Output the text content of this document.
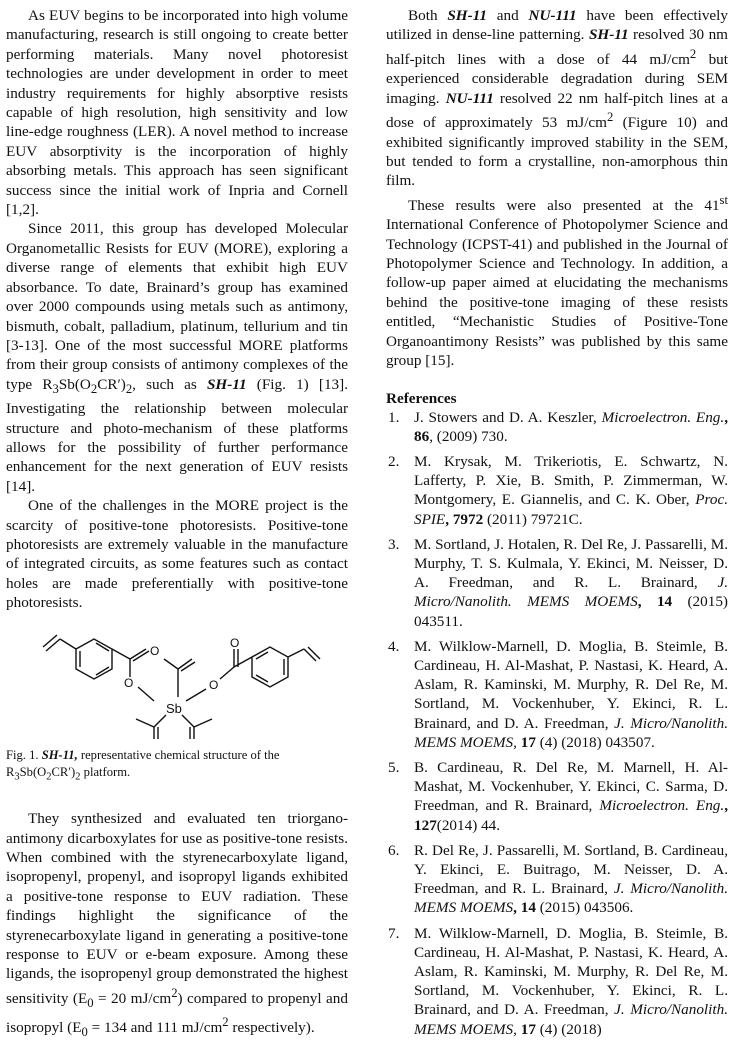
As EUV begins to be incorporated into high volume manufacturing, research is still ongoing to create better performing materials. Many novel photoresist technologies are under development in order to meet industry requirements for highly absorptive resists capable of high resolution, high sensitivity and low line-edge roughness (LER). A novel method to increase EUV absorptivity is the incorporation of highly absorbing metals. This approach has seen significant success since the initial work of Inpria and Cornell [1,2].

Since 2011, this group has developed Molecular Organometallic Resists for EUV (MORE), exploring a diverse range of elements that exhibit high EUV absorbance. To date, Brainard’s group has examined over 2000 compounds using metals such as antimony, bismuth, cobalt, palladium, platinum, tellurium and tin [3-13]. One of the most successful MORE platforms from their group consists of antimony complexes of the type $R_3Sb(O_2CR')_2$, such as SH-11 (Fig. 1) [13]. Investigating the relationship between molecular structure and photo-mechanism of these platforms allows for the possibility of further performance enhancement for the next generation of EUV resists [14].

One of the challenges in the MORE project is the scarcity of positive-tone photoresists. Positive-tone photoresists are extremely valuable in the manufacture of integrated circuits, as some features such as contact holes are made preferentially with positive-tone photoresists.

O
O
O
O
Sb

Fig. 1. SH-11, representative chemical structure of the $R_3Sb(O_2CR')_2$ platform.

They synthesized and evaluated ten triorgano-antimony dicarboxylates for use as positive-tone resists. When combined with the styrenecarboxylate ligand, isopropenyl, propenyl, and isopropyl ligands exhibited a positive-tone response to EUV radiation. These findings highlight the significance of the styrenecarboxylate ligand in generating a positive-tone response to EUV or e-beam exposure. Among these ligands, the isopropenyl group demonstrated the highest sensitivity ($E_0 = 20$ $mJ/cm^2$) compared to propenyl and isopropyl ($E_0 = 134$ and 111 $mJ/cm^2$ respectively).

Both SH-11 and NU-111 have been effectively utilized in dense-line patterning. SH-11 resolved 30 nm half-pitch lines with a dose of 44 $mJ/cm^2$ but experienced considerable degradation during SEM imaging. NU-111 resolved 22 nm half-pitch lines at a dose of approximately 53 $mJ/cm^2$ (Figure 10) and exhibited significantly improved stability in the SEM, but tended to form a crystalline, non-amorphous thin film.

These results were also presented at the 41st International Conference of Photopolymer Science and Technology (ICPST-41) and published in the Journal of Photopolymer Science and Technology. In addition, a follow-up paper aimed at elucidating the mechanisms behind the positive-tone imaging of these resists entitled, “Mechanistic Studies of Positive-Tone Organoantimony Resists” was published by this same group [15].

References
1. J. Stowers and D. A. Keszler, Microelectron. Eng., 86, (2009) 730.
2. M. Krysak, M. Trikeriotis, E. Schwartz, N. Lafferty, P. Xie, B. Smith, P. Zimmerman, W. Montgomery, E. Giannelis, and C. K. Ober, Proc. SPIE, 7972 (2011) 79721C.
3. M. Sortland, J. Hotalen, R. Del Re, J. Passarelli, M. Murphy, T. S. Kulmala, Y. Ekinci, M. Neisser, D. A. Freedman, and R. L. Brainard, J. Micro/Nanolith. MEMS MOEMS, 14 (2015) 043511.
4. M. Wilklow-Marnell, D. Moglia, B. Steimle, B. Cardineau, H. Al-Mashat, P. Nastasi, K. Heard, A. Aslam, R. Kaminski, M. Murphy, R. Del Re, M. Sortland, M. Vockenhuber, Y. Ekinci, R. L. Brainard, and D. A. Freedman, J. Micro/Nanolith. MEMS MOEMS, 17 (4) (2018) 043507.
5. B. Cardineau, R. Del Re, M. Marnell, H. Al-Mashat, M. Vockenhuber, Y. Ekinci, C. Sarma, D. Freedman, and R. Brainard, Microelectron. Eng., 127(2014) 44.
6. R. Del Re, J. Passarelli, M. Sortland, B. Cardineau, Y. Ekinci, E. Buitrago, M. Neisser, D. A. Freedman, and R. L. Brainard, J. Micro/Nanolith. MEMS MOEMS, 14 (2015) 043506.
7. M. Wilklow-Marnell, D. Moglia, B. Steimle, B. Cardineau, H. Al-Mashat, P. Nastasi, K. Heard, A. Aslam, R. Kaminski, M. Murphy, R. Del Re, M. Sortland, M. Vockenhuber, Y. Ekinci, R. L. Brainard, and D. A. Freedman, J. Micro/Nanolith. MEMS MOEMS, 17 (4) (2018)
